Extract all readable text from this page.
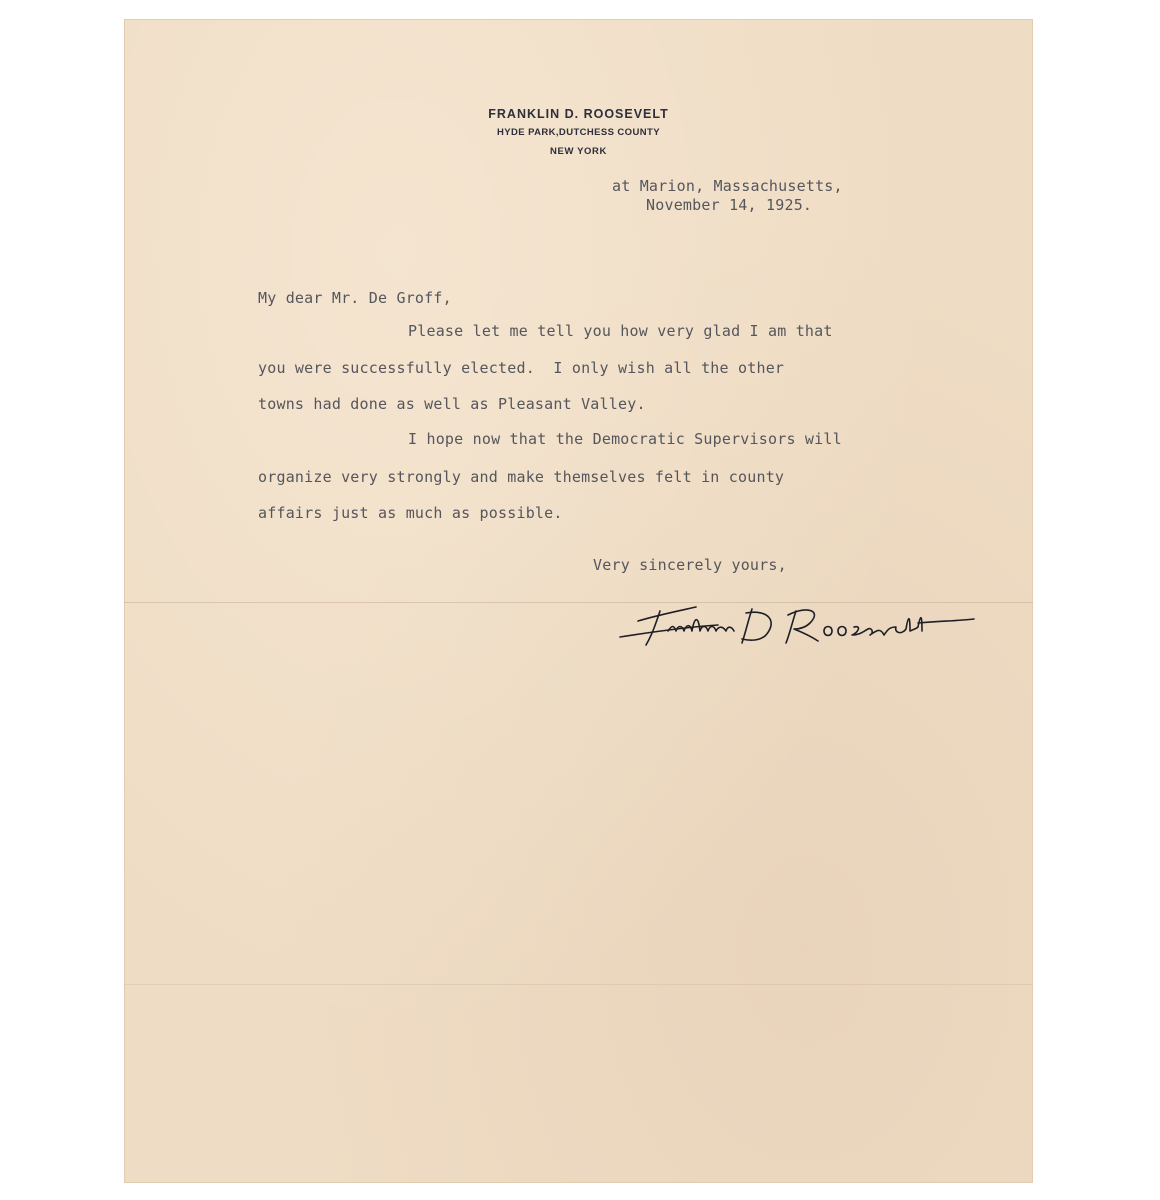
FRANKLIN D. ROOSEVELT
HYDE PARK,DUTCHESS COUNTY
NEW YORK
at Marion, Massachusetts,
November 14, 1925.
My dear Mr. De Groff,
Please let me tell you how very glad I am that
you were successfully elected.  I only wish all the other
towns had done as well as Pleasant Valley.
I hope now that the Democratic Supervisors will
organize very strongly and make themselves felt in county
affairs just as much as possible.
Very sincerely yours,
